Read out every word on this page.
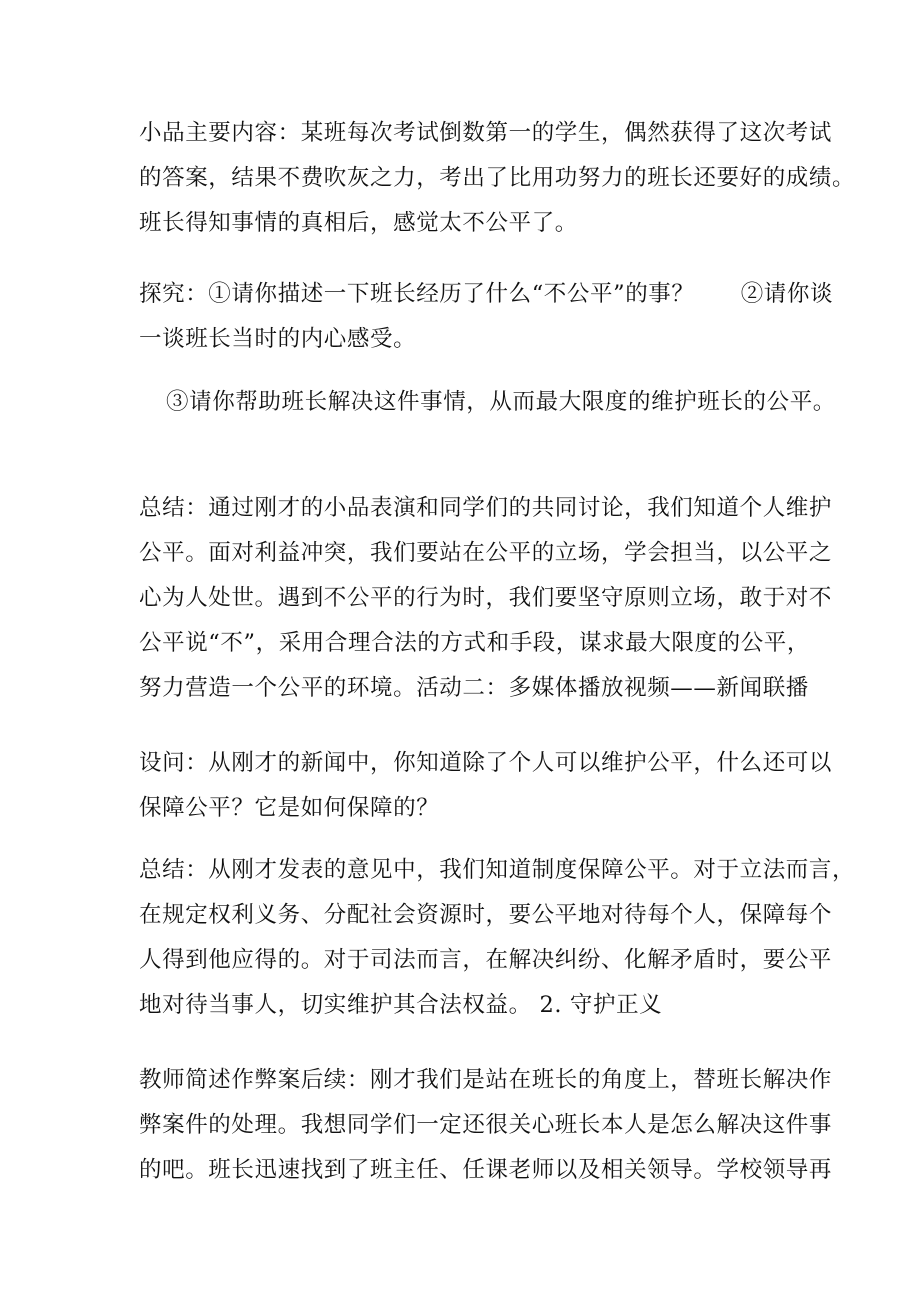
小品主要内容：某班每次考试倒数第一的学生，偶然获得了这次考试
的答案，结果不费吹灰之力，考出了比用功努力的班长还要好的成绩。
班长得知事情的真相后，感觉太不公平了。

探究：①请你描述一下班长经历了什么“不公平”的事？　　②请你谈
一谈班长当时的内心感受。

③请你帮助班长解决这件事情，从而最大限度的维护班长的公平。

总结：通过刚才的小品表演和同学们的共同讨论，我们知道个人维护
公平。面对利益冲突，我们要站在公平的立场，学会担当，以公平之
心为人处世。遇到不公平的行为时，我们要坚守原则立场，敢于对不
公平说“不”，采用合理合法的方式和手段，谋求最大限度的公平，
努力营造一个公平的环境。活动二：多媒体播放视频——新闻联播

设问：从刚才的新闻中，你知道除了个人可以维护公平，什么还可以
保障公平？它是如何保障的？

总结：从刚才发表的意见中，我们知道制度保障公平。对于立法而言，
在规定权利义务、分配社会资源时，要公平地对待每个人，保障每个
人得到他应得的。对于司法而言，在解决纠纷、化解矛盾时，要公平
地对待当事人，切实维护其合法权益。 2. 守护正义

教师简述作弊案后续：刚才我们是站在班长的角度上，替班长解决作
弊案件的处理。我想同学们一定还很关心班长本人是怎么解决这件事
的吧。班长迅速找到了班主任、任课老师以及相关领导。学校领导再
